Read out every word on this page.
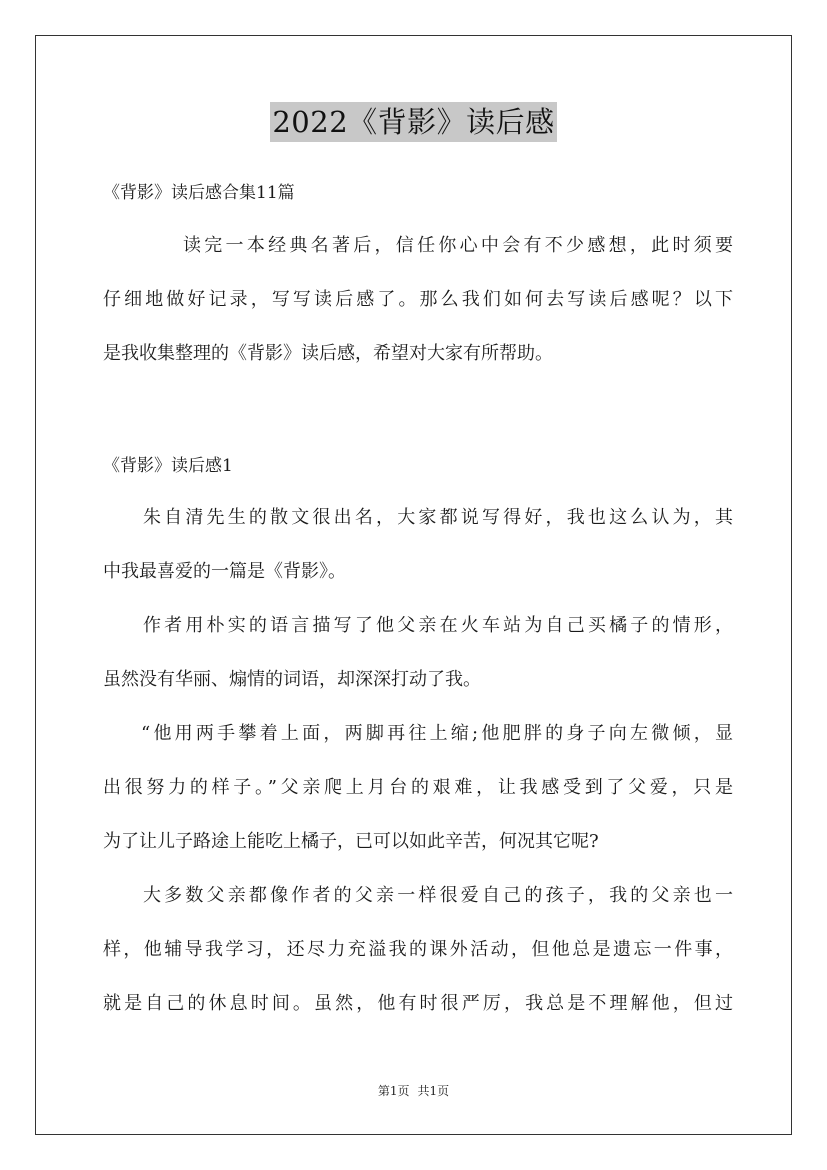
2022《背影》读后感
《背影》读后感合集11篇
读完一本经典名著后，信任你心中会有不少感想，此时须要
仔细地做好记录，写写读后感了。那么我们如何去写读后感呢？以下
是我收集整理的《背影》读后感，希望对大家有所帮助。
《背影》读后感1
朱自清先生的散文很出名，大家都说写得好，我也这么认为，其
中我最喜爱的一篇是《背影》。
作者用朴实的语言描写了他父亲在火车站为自己买橘子的情形，
虽然没有华丽、煽情的词语，却深深打动了我。
“他用两手攀着上面，两脚再往上缩;他肥胖的身子向左微倾，显
出很努力的样子。”父亲爬上月台的艰难，让我感受到了父爱，只是
为了让儿子路途上能吃上橘子，已可以如此辛苦，何况其它呢?
大多数父亲都像作者的父亲一样很爱自己的孩子，我的父亲也一
样，他辅导我学习，还尽力充溢我的课外活动，但他总是遗忘一件事，
就是自己的休息时间。虽然，他有时很严厉，我总是不理解他，但过
第1页 共1页
